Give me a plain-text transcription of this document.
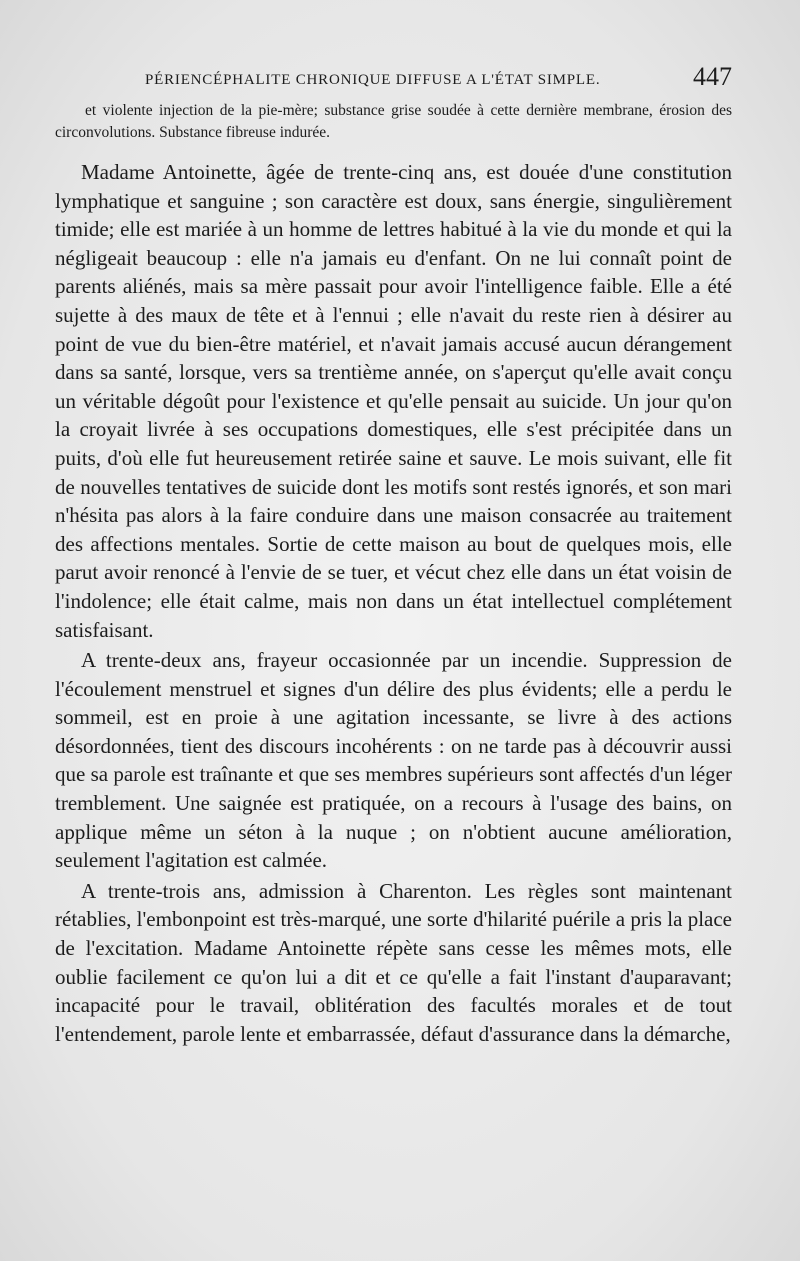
PÉRIENCÉPHALITE CHRONIQUE DIFFUSE A L'ÉTAT SIMPLE.	447
et violente injection de la pie-mère; substance grise soudée à cette dernière membrane, érosion des circonvolutions. Substance fibreuse indurée.

Madame Antoinette, âgée de trente-cinq ans, est douée d'une constitution lymphatique et sanguine ; son caractère est doux, sans énergie, singulièrement timide; elle est mariée à un homme de lettres habitué à la vie du monde et qui la négligeait beaucoup : elle n'a jamais eu d'enfant. On ne lui connaît point de parents aliénés, mais sa mère passait pour avoir l'intelligence faible. Elle a été sujette à des maux de tête et à l'ennui ; elle n'avait du reste rien à désirer au point de vue du bien-être matériel, et n'avait jamais accusé aucun dérangement dans sa santé, lorsque, vers sa trentième année, on s'aperçut qu'elle avait conçu un véritable dégoût pour l'existence et qu'elle pensait au suicide. Un jour qu'on la croyait livrée à ses occupations domestiques, elle s'est précipitée dans un puits, d'où elle fut heureusement retirée saine et sauve. Le mois suivant, elle fit de nouvelles tentatives de suicide dont les motifs sont restés ignorés, et son mari n'hésita pas alors à la faire conduire dans une maison consacrée au traitement des affections mentales. Sortie de cette maison au bout de quelques mois, elle parut avoir renoncé à l'envie de se tuer, et vécut chez elle dans un état voisin de l'indolence; elle était calme, mais non dans un état intellectuel complétement satisfaisant.

A trente-deux ans, frayeur occasionnée par un incendie. Suppression de l'écoulement menstruel et signes d'un délire des plus évidents; elle a perdu le sommeil, est en proie à une agitation incessante, se livre à des actions désordonnées, tient des discours incohérents : on ne tarde pas à découvrir aussi que sa parole est traînante et que ses membres supérieurs sont affectés d'un léger tremblement. Une saignée est pratiquée, on a recours à l'usage des bains, on applique même un séton à la nuque ; on n'obtient aucune amélioration, seulement l'agitation est calmée.

A trente-trois ans, admission à Charenton. Les règles sont maintenant rétablies, l'embonpoint est très-marqué, une sorte d'hilarité puérile a pris la place de l'excitation. Madame Antoinette répète sans cesse les mêmes mots, elle oublie facilement ce qu'on lui a dit et ce qu'elle a fait l'instant d'auparavant; incapacité pour le travail, oblitération des facultés morales et de tout l'entendement, parole lente et embarrassée, défaut d'assurance dans la démarche,
